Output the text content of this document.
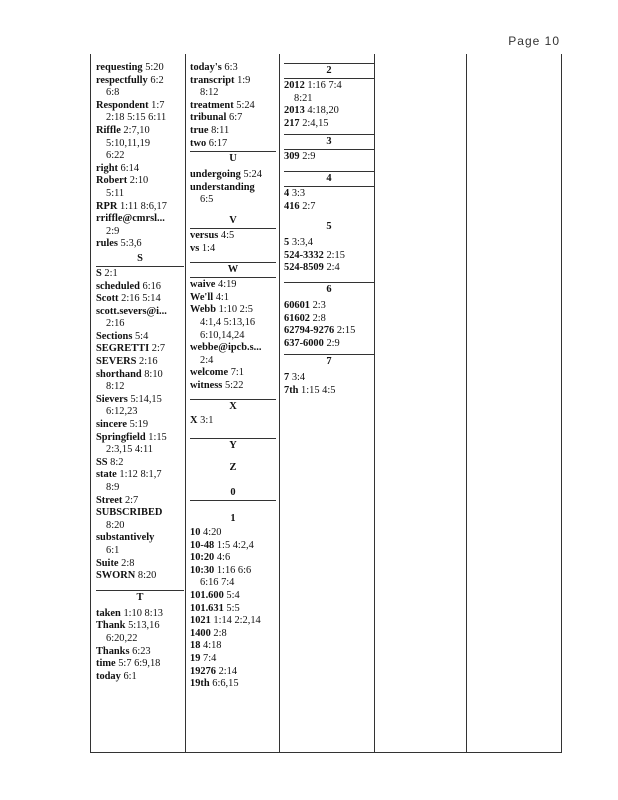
Page 10
requesting 5:20
respectfully 6:2
6:8
Respondent 1:7
2:18 5:15 6:11
Riffle 2:7,10
5:10,11,19
6:22
right 6:14
Robert 2:10
5:11
RPR 1:11 8:6,17
rriffle@cmrsl...
2:9
rules 5:3,6
S
S 2:1
scheduled 6:16
Scott 2:16 5:14
scott.severs@i...
2:16
Sections 5:4
SEGRETTI 2:7
SEVERS 2:16
shorthand 8:10
8:12
Sievers 5:14,15
6:12,23
sincere 5:19
Springfield 1:15
2:3,15 4:11
SS 8:2
state 1:12 8:1,7
8:9
Street 2:7
SUBSCRIBED
8:20
substantively
6:1
Suite 2:8
SWORN 8:20
T
taken 1:10 8:13
Thank 5:13,16
6:20,22
Thanks 6:23
time 5:7 6:9,18
today 6:1
today's 6:3
transcript 1:9
8:12
treatment 5:24
tribunal 6:7
true 8:11
two 6:17
U
undergoing 5:24
understanding
6:5
V
versus 4:5
vs 1:4
W
waive 4:19
We'll 4:1
Webb 1:10 2:5
4:1,4 5:13,16
6:10,14,24
webbe@ipcb.s...
2:4
welcome 7:1
witness 5:22
X
X 3:1
Y
Z
0
1
10 4:20
10-48 1:5 4:2,4
10:20 4:6
10:30 1:16 6:6
6:16 7:4
101.600 5:4
101.631 5:5
1021 1:14 2:2,14
1400 2:8
18 4:18
19 7:4
19276 2:14
19th 6:6,15
2
2012 1:16 7:4
8:21
2013 4:18,20
217 2:4,15
3
309 2:9
4
4 3:3
416 2:7
5
5 3:3,4
524-3332 2:15
524-8509 2:4
6
60601 2:3
61602 2:8
62794-9276 2:15
637-6000 2:9
7
7 3:4
7th 1:15 4:5
